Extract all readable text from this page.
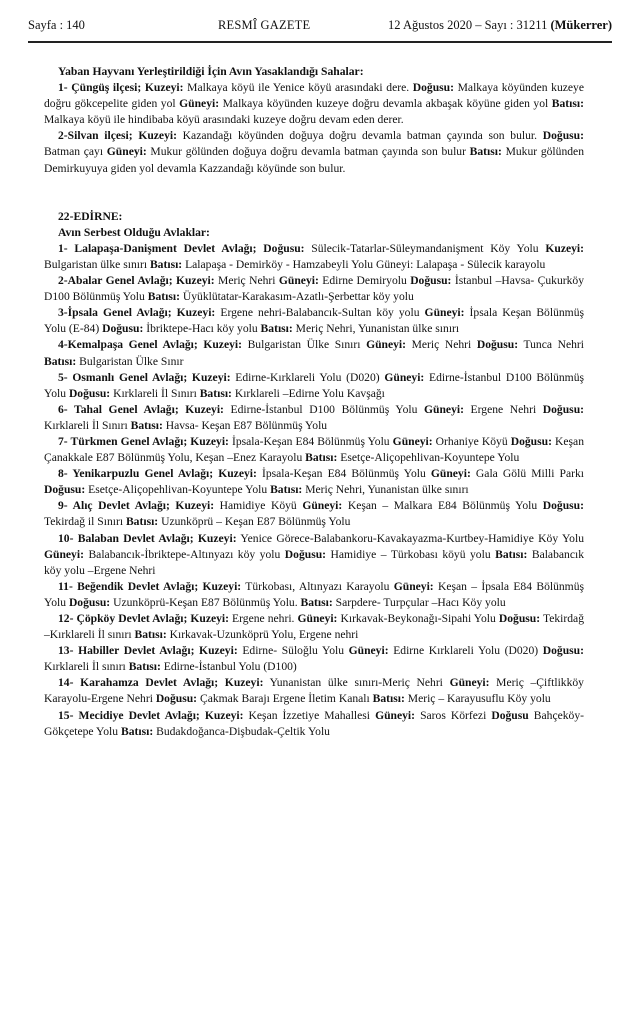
Sayfa : 140	RESMÎ GAZETE	12 Ağustos 2020 – Sayı : 31211 (Mükerrer)

Yaban Hayvanı Yerleştirildiği İçin Avın Yasaklandığı Sahalar:

1- Çüngüş ilçesi; Kuzeyi: Malkaya köyü ile Yenice köyü arasındaki dere. Doğusu: Malkaya köyünden kuzeye doğru gökcepelite giden yol Güneyi: Malkaya köyünden kuzeye doğru devamla akbaşak köyüne giden yol Batısı: Malkaya köyü ile hindibaba köyü arasındaki kuzeye doğru devam eden derer.

2-Silvan ilçesi; Kuzeyi: Kazandağı köyünden doğuya doğru devamla batman çayında son bulur. Doğusu: Batman çayı Güneyi: Mukur gölünden doğuya doğru devamla batman çayında son bulur Batısı: Mukur gölünden Demirkuyuya giden yol devamla Kazzandağı köyünde son bulur.

22-EDİRNE:

Avın Serbest Olduğu Avlaklar:

1- Lalapaşa-Danişment Devlet Avlağı; Doğusu: Sülecik-Tatarlar-Süleymandanişment Köy Yolu Kuzeyi: Bulgaristan ülke sınırı Batısı: Lalapaşa - Demirköy - Hamzabeyli Yolu Güneyi: Lalapaşa - Sülecik karayolu

2-Abalar Genel Avlağı; Kuzeyi: Meriç Nehri Güneyi: Edirne Demiryolu Doğusu: İstanbul –Havsa- Çukurköy D100 Bölünmüş Yolu Batısı: Üyüklütatar-Karakasım-Azatlı-Şerbettar köy yolu

3-İpsala Genel Avlağı; Kuzeyi: Ergene nehri-Balabancık-Sultan köy yolu Güneyi: İpsala Keşan Bölünmüş Yolu (E-84) Doğusu: İbriktepe-Hacı köy yolu Batısı: Meriç Nehri, Yunanistan ülke sınırı

4-Kemalpaşa Genel Avlağı; Kuzeyi: Bulgaristan Ülke Sınırı Güneyi: Meriç Nehri Doğusu: Tunca Nehri Batısı: Bulgaristan Ülke Sınır

5- Osmanlı Genel Avlağı; Kuzeyi: Edirne-Kırklareli Yolu (D020) Güneyi: Edirne-İstanbul D100 Bölünmüş Yolu Doğusu: Kırklareli İl Sınırı Batısı: Kırklareli –Edirne Yolu Kavşağı

6- Tahal Genel Avlağı; Kuzeyi: Edirne-İstanbul D100 Bölünmüş Yolu Güneyi: Ergene Nehri Doğusu: Kırklareli İl Sınırı Batısı: Havsa- Keşan E87 Bölünmüş Yolu

7- Türkmen Genel Avlağı; Kuzeyi: İpsala-Keşan E84 Bölünmüş Yolu Güneyi: Orhaniye Köyü Doğusu: Keşan Çanakkale E87 Bölünmüş Yolu, Keşan –Enez Karayolu Batısı: Esetçe-Aliçopehlivan-Koyuntepe Yolu

8- Yenikarpuzlu Genel Avlağı; Kuzeyi: İpsala-Keşan E84 Bölünmüş Yolu Güneyi: Gala Gölü Milli Parkı Doğusu: Esetçe-Aliçopehlivan-Koyuntepe Yolu Batısı: Meriç Nehri, Yunanistan ülke sınırı

9- Alıç Devlet Avlağı; Kuzeyi: Hamidiye Köyü Güneyi: Keşan – Malkara E84 Bölünmüş Yolu Doğusu: Tekirdağ il Sınırı Batısı: Uzunköprü – Keşan E87 Bölünmüş Yolu

10- Balaban Devlet Avlağı; Kuzeyi: Yenice Görece-Balabankoru-Kavakayazma-Kurtbey-Hamidiye Köy Yolu Güneyi: Balabancık-İbriktepe-Altınyazı köy yolu Doğusu: Hamidiye – Türkobası köyü yolu Batısı: Balabancık köy yolu –Ergene Nehri

11- Beğendik Devlet Avlağı; Kuzeyi: Türkobası, Altınyazı Karayolu Güneyi: Keşan – İpsala E84 Bölünmüş Yolu Doğusu: Uzunköprü-Keşan E87 Bölünmüş Yolu. Batısı: Sarpdere- Turpçular –Hacı Köy yolu

12- Çöpköy Devlet Avlağı; Kuzeyi: Ergene nehri. Güneyi: Kırkavak-Beykonağı-Sipahi Yolu Doğusu: Tekirdağ –Kırklareli İl sınırı Batısı: Kırkavak-Uzunköprü Yolu, Ergene nehri

13- Habiller Devlet Avlağı; Kuzeyi: Edirne- Süloğlu Yolu Güneyi: Edirne Kırklareli Yolu (D020) Doğusu: Kırklareli İl sınırı Batısı: Edirne-İstanbul Yolu (D100)

14- Karahamza Devlet Avlağı; Kuzeyi: Yunanistan ülke sınırı-Meriç Nehri Güneyi: Meriç –Çiftlikköy Karayolu-Ergene Nehri Doğusu: Çakmak Barajı Ergene İletim Kanalı Batısı: Meriç – Karayusuflu Köy yolu

15- Mecidiye Devlet Avlağı; Kuzeyi: Keşan İzzetiye Mahallesi Güneyi: Saros Körfezi Doğusu Bahçeköy-Gökçetepe Yolu Batısı: Budakdoğanca-Dişbudak-Çeltik Yolu
